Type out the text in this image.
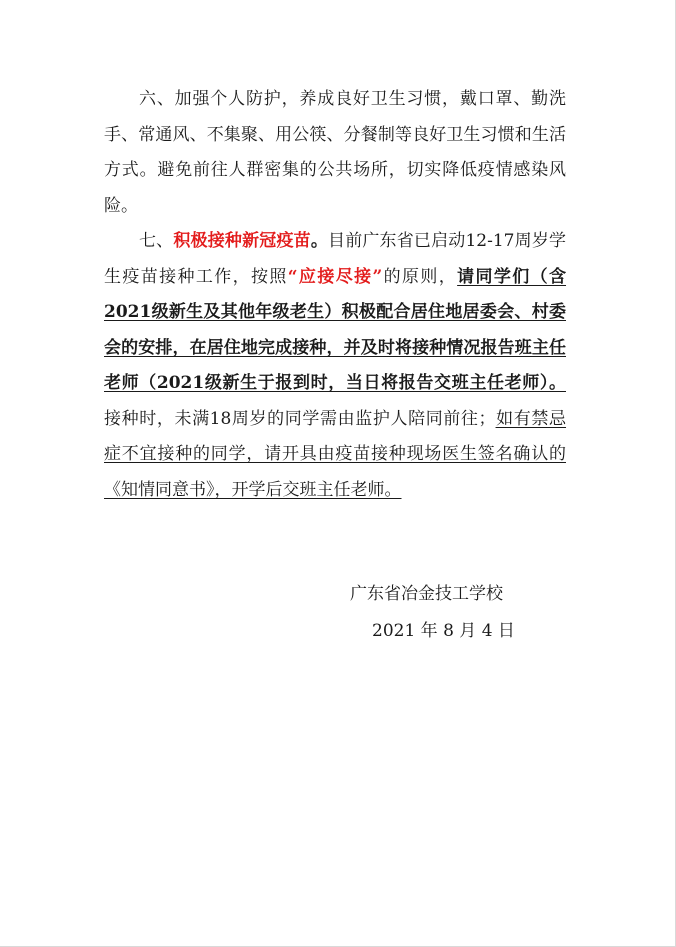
六、加强个人防护，养成良好卫生习惯，戴口罩、勤洗手、常通风、不集聚、用公筷、分餐制等良好卫生习惯和生活方式。避免前往人群密集的公共场所，切实降低疫情感染风险。

七、积极接种新冠疫苗。目前广东省已启动12-17周岁学生疫苗接种工作，按照“应接尽接”的原则，请同学们（含2021级新生及其他年级老生）积极配合居住地居委会、村委会的安排，在居住地完成接种，并及时将接种情况报告班主任老师（2021级新生于报到时，当日将报告交班主任老师）。接种时，未满18周岁的同学需由监护人陪同前往；如有禁忌症不宜接种的同学，请开具由疫苗接种现场医生签名确认的《知情同意书》，开学后交班主任老师。

广东省冶金技工学校
2021 年 8 月 4 日
